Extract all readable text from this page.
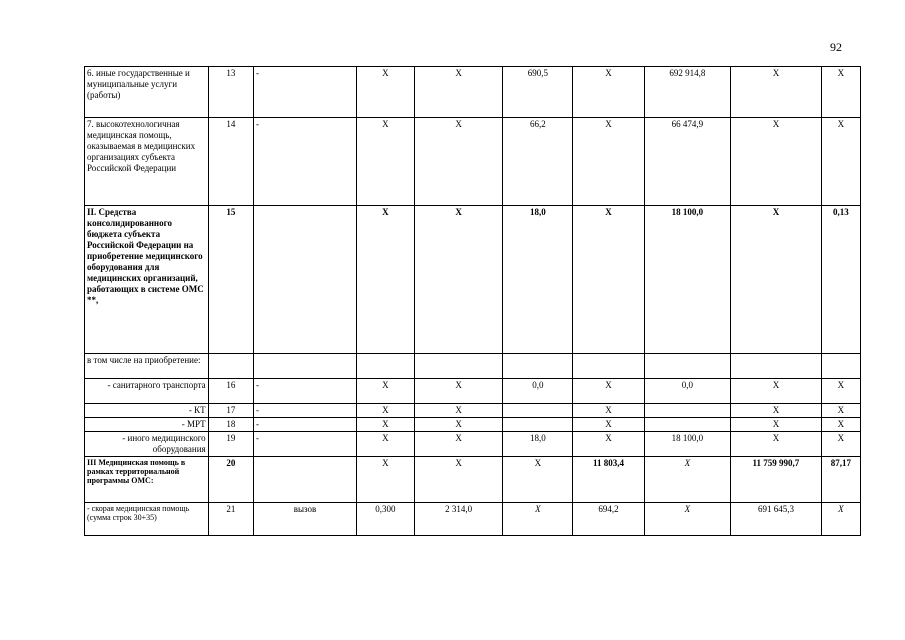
92
6. иные государственные и муниципальные услуги (работы)	13	-	Х	Х	690,5	Х	692 914,8	Х	Х
7. высокотехнологичная медицинская помощь, оказываемая в медицинских организациях субъекта Российской Федерации	14	-	Х	Х	66,2	Х	66 474,9	Х	Х
II. Средства консолидированного бюджета субъекта Российской Федерации на приобретение медицинского оборудования для медицинских организаций, работающих в системе ОМС **,	15		Х	Х	18,0	Х	18 100,0	Х	0,13
в том числе на приобретение:									
- санитарного транспорта	16	-	Х	Х	0,0	Х	0,0	Х	Х
- КТ	17	-	Х	Х		Х		Х	Х
- МРТ	18	-	Х	Х		Х		Х	Х
- иного медицинского оборудования	19	-	Х	Х	18,0	Х	18 100,0	Х	Х
III Медицинская помощь в рамках территориальной программы ОМС:	20		Х	Х	Х	11 803,4	Х	11 759 990,7	87,17
- скорая медицинская помощь (сумма строк 30+35)	21	вызов	0,300	2 314,0	Х	694,2	Х	691 645,3	Х
